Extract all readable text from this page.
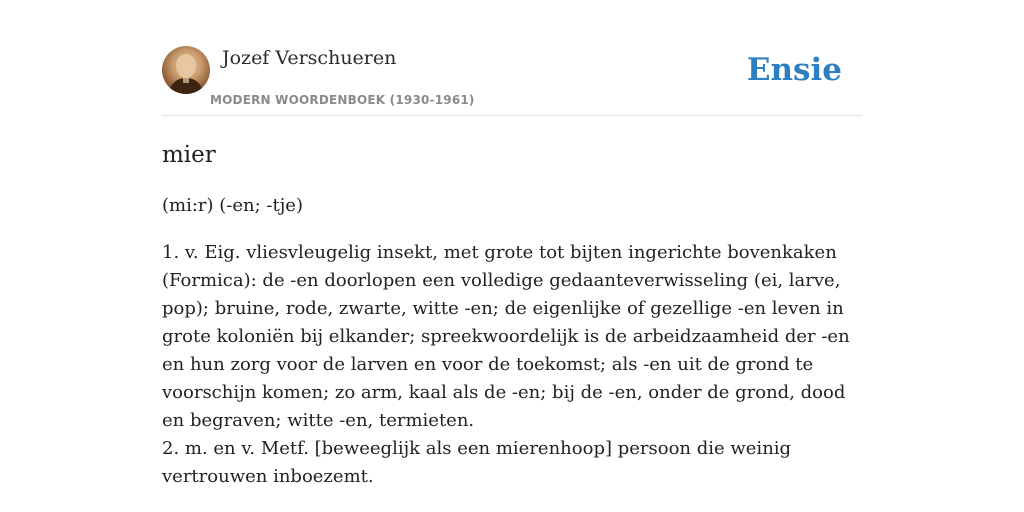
Jozef Verschueren
MODERN WOORDENBOEK (1930-1961)
Ensie
mier
(mi:r) (-en; -tje)

1. v. Eig. vliesvleugelig insekt, met grote tot bijten ingerichte bovenkaken (Formica): de -en doorlopen een volledige gedaanteverwisseling (ei, larve, pop); bruine, rode, zwarte, witte -en; de eigenlijke of gezellige -en leven in grote koloniën bij elkander; spreekwoordelijk is de arbeidzaamheid der -en en hun zorg voor de larven en voor de toekomst; als -en uit de grond te voorschijn komen; zo arm, kaal als de -en; bij de -en, onder de grond, dood en begraven; witte -en, termieten.

2. m. en v. Metf. [beweeglijk als een mierenhoop] persoon die weinig vertrouwen inboezemt.
